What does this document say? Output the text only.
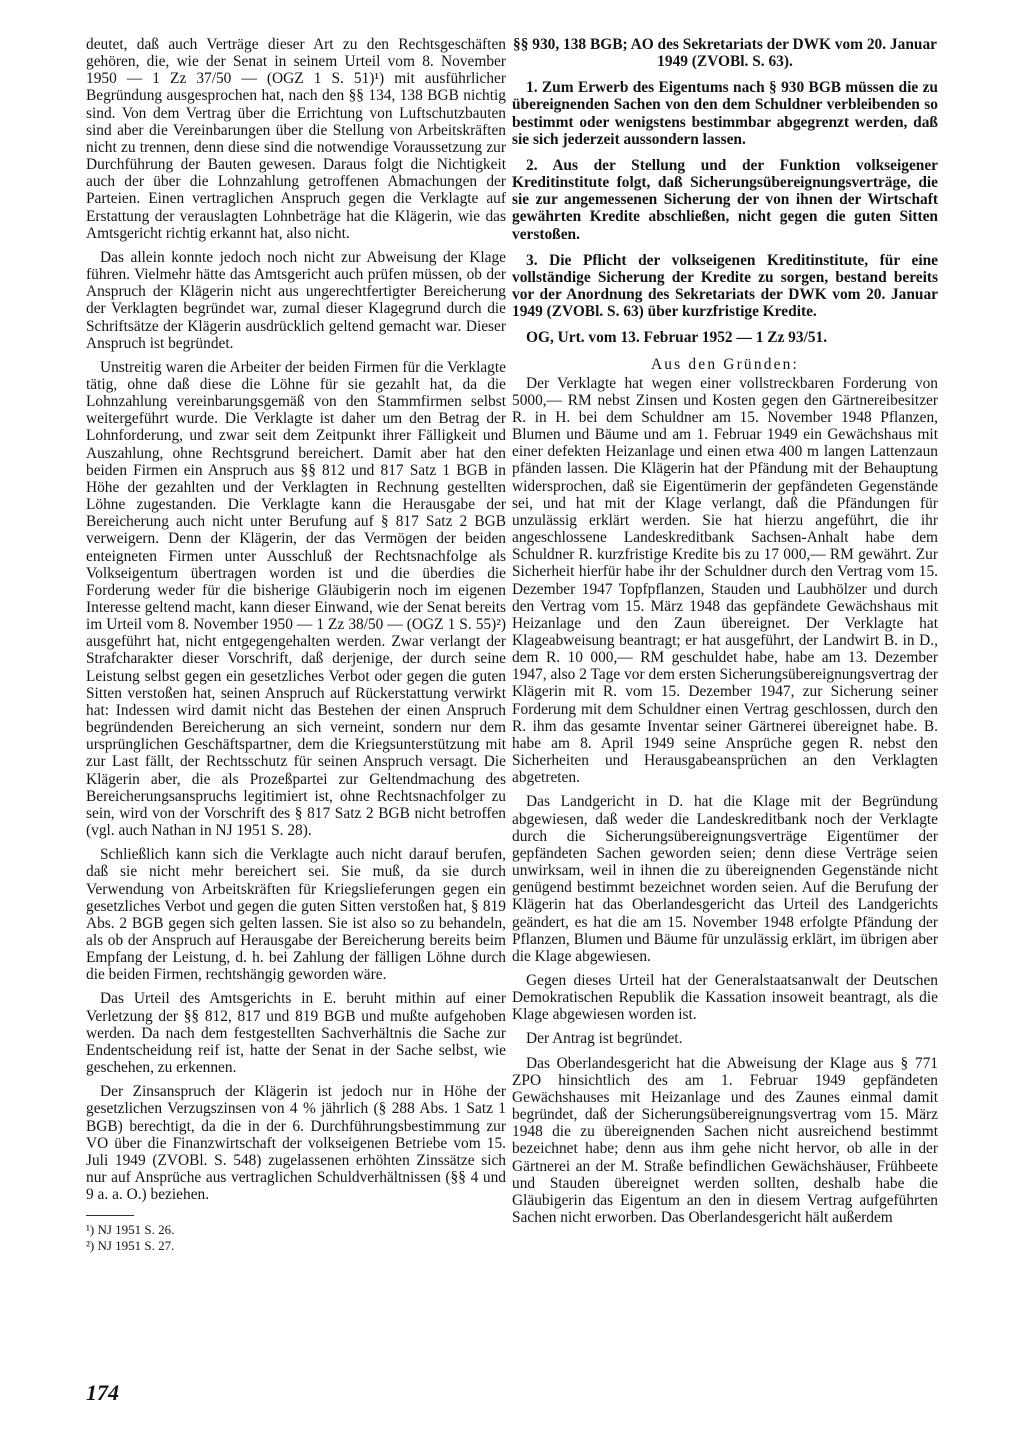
deutet, daß auch Verträge dieser Art zu den Rechtsgeschäften gehören, die, wie der Senat in seinem Urteil vom 8. November 1950 — 1 Zz 37/50 — (OGZ 1 S. 51)¹) mit ausführlicher Begründung ausgesprochen hat, nach den §§ 134, 138 BGB nichtig sind. Von dem Vertrag über die Errichtung von Luftschutzbauten sind aber die Vereinbarungen über die Stellung von Arbeitskräften nicht zu trennen, denn diese sind die notwendige Voraussetzung zur Durchführung der Bauten gewesen. Daraus folgt die Nichtigkeit auch der über die Lohnzahlung getroffenen Abmachungen der Parteien. Einen vertraglichen Anspruch gegen die Verklagte auf Erstattung der verauslagten Lohnbeträge hat die Klägerin, wie das Amtsgericht richtig erkannt hat, also nicht.

Das allein konnte jedoch noch nicht zur Abweisung der Klage führen. Vielmehr hätte das Amtsgericht auch prüfen müssen, ob der Anspruch der Klägerin nicht aus ungerechtfertigter Bereicherung der Verklagten begründet war, zumal dieser Klagegrund durch die Schriftsätze der Klägerin ausdrücklich geltend gemacht war. Dieser Anspruch ist begründet.

Unstreitig waren die Arbeiter der beiden Firmen für die Verklagte tätig, ohne daß diese die Löhne für sie gezahlt hat, da die Lohnzahlung vereinbarungsgemäß von den Stammfirmen selbst weitergeführt wurde. Die Verklagte ist daher um den Betrag der Lohnforderung, und zwar seit dem Zeitpunkt ihrer Fälligkeit und Auszahlung, ohne Rechtsgrund bereichert. Damit aber hat den beiden Firmen ein Anspruch aus §§ 812 und 817 Satz 1 BGB in Höhe der gezahlten und der Verklagten in Rechnung gestellten Löhne zugestanden. Die Verklagte kann die Herausgabe der Bereicherung auch nicht unter Berufung auf § 817 Satz 2 BGB verweigern. Denn der Klägerin, der das Vermögen der beiden enteigneten Firmen unter Ausschluß der Rechtsnachfolge als Volkseigentum übertragen worden ist und die überdies die Forderung weder für die bisherige Gläubigerin noch im eigenen Interesse geltend macht, kann dieser Einwand, wie der Senat bereits im Urteil vom 8. November 1950 — 1 Zz 38/50 — (OGZ 1 S. 55)²) ausgeführt hat, nicht entgegengehalten werden. Zwar verlangt der Strafcharakter dieser Vorschrift, daß derjenige, der durch seine Leistung selbst gegen ein gesetzliches Verbot oder gegen die guten Sitten verstoßen hat, seinen Anspruch auf Rückerstattung verwirkt hat: Indessen wird damit nicht das Bestehen der einen Anspruch begründenden Bereicherung an sich verneint, sondern nur dem ursprünglichen Geschäftspartner, dem die Kriegsunterstützung mit zur Last fällt, der Rechtsschutz für seinen Anspruch versagt. Die Klägerin aber, die als Prozeßpartei zur Geltendmachung des Bereicherungsanspruchs legitimiert ist, ohne Rechtsnachfolger zu sein, wird von der Vorschrift des § 817 Satz 2 BGB nicht betroffen (vgl. auch Nathan in NJ 1951 S. 28).

Schließlich kann sich die Verklagte auch nicht darauf berufen, daß sie nicht mehr bereichert sei. Sie muß, da sie durch Verwendung von Arbeitskräften für Kriegslieferungen gegen ein gesetzliches Verbot und gegen die guten Sitten verstoßen hat, § 819 Abs. 2 BGB gegen sich gelten lassen. Sie ist also so zu behandeln, als ob der Anspruch auf Herausgabe der Bereicherung bereits beim Empfang der Leistung, d. h. bei Zahlung der fälligen Löhne durch die beiden Firmen, rechtshängig geworden wäre.

Das Urteil des Amtsgerichts in E. beruht mithin auf einer Verletzung der §§ 812, 817 und 819 BGB und mußte aufgehoben werden. Da nach dem festgestellten Sachverhältnis die Sache zur Endentscheidung reif ist, hatte der Senat in der Sache selbst, wie geschehen, zu erkennen.

Der Zinsanspruch der Klägerin ist jedoch nur in Höhe der gesetzlichen Verzugszinsen von 4 % jährlich (§ 288 Abs. 1 Satz 1 BGB) berechtigt, da die in der 6. Durchführungsbestimmung zur VO über die Finanzwirtschaft der volkseigenen Betriebe vom 15. Juli 1949 (ZVOBl. S. 548) zugelassenen erhöhten Zinssätze sich nur auf Ansprüche aus vertraglichen Schuldverhältnissen (§§ 4 und 9 a. a. O.) beziehen.

¹) NJ 1951 S. 26.

²) NJ 1951 S. 27.

§§ 930, 138 BGB; AO des Sekretariats der DWK vom 20. Januar 1949 (ZVOBl. S. 63).

1. Zum Erwerb des Eigentums nach § 930 BGB müssen die zu übereignenden Sachen von den dem Schuldner verbleibenden so bestimmt oder wenigstens bestimmbar abgegrenzt werden, daß sie sich jederzeit aussondern lassen.

2. Aus der Stellung und der Funktion volkseigener Kreditinstitute folgt, daß Sicherungsübereignungsverträge, die sie zur angemessenen Sicherung der von ihnen der Wirtschaft gewährten Kredite abschließen, nicht gegen die guten Sitten verstoßen.

3. Die Pflicht der volkseigenen Kreditinstitute, für eine vollständige Sicherung der Kredite zu sorgen, bestand bereits vor der Anordnung des Sekretariats der DWK vom 20. Januar 1949 (ZVOBl. S. 63) über kurzfristige Kredite.

OG, Urt. vom 13. Februar 1952 — 1 Zz 93/51.

Aus den Gründen:

Der Verklagte hat wegen einer vollstreckbaren Forderung von 5000,— RM nebst Zinsen und Kosten gegen den Gärtnereibesitzer R. in H. bei dem Schuldner am 15. November 1948 Pflanzen, Blumen und Bäume und am 1. Februar 1949 ein Gewächshaus mit einer defekten Heizanlage und einen etwa 400 m langen Lattenzaun pfänden lassen. Die Klägerin hat der Pfändung mit der Behauptung widersprochen, daß sie Eigentümerin der gepfändeten Gegenstände sei, und hat mit der Klage verlangt, daß die Pfändungen für unzulässig erklärt werden. Sie hat hierzu angeführt, die ihr angeschlossene Landeskreditbank Sachsen-Anhalt habe dem Schuldner R. kurzfristige Kredite bis zu 17 000,— RM gewährt. Zur Sicherheit hierfür habe ihr der Schuldner durch den Vertrag vom 15. Dezember 1947 Topfpflanzen, Stauden und Laubhölzer und durch den Vertrag vom 15. März 1948 das gepfändete Gewächshaus mit Heizanlage und den Zaun übereignet. Der Verklagte hat Klageabweisung beantragt; er hat ausgeführt, der Landwirt B. in D., dem R. 10 000,— RM geschuldet habe, habe am 13. Dezember 1947, also 2 Tage vor dem ersten Sicherungsübereignungsvertrag der Klägerin mit R. vom 15. Dezember 1947, zur Sicherung seiner Forderung mit dem Schuldner einen Vertrag geschlossen, durch den R. ihm das gesamte Inventar seiner Gärtnerei übereignet habe. B. habe am 8. April 1949 seine Ansprüche gegen R. nebst den Sicherheiten und Herausgabeansprüchen an den Verklagten abgetreten.

Das Landgericht in D. hat die Klage mit der Begründung abgewiesen, daß weder die Landeskreditbank noch der Verklagte durch die Sicherungsübereignungsverträge Eigentümer der gepfändeten Sachen geworden seien; denn diese Verträge seien unwirksam, weil in ihnen die zu übereignenden Gegenstände nicht genügend bestimmt bezeichnet worden seien. Auf die Berufung der Klägerin hat das Oberlandesgericht das Urteil des Landgerichts geändert, es hat die am 15. November 1948 erfolgte Pfändung der Pflanzen, Blumen und Bäume für unzulässig erklärt, im übrigen aber die Klage abgewiesen.

Gegen dieses Urteil hat der Generalstaatsanwalt der Deutschen Demokratischen Republik die Kassation insoweit beantragt, als die Klage abgewiesen worden ist.

Der Antrag ist begründet.

Das Oberlandesgericht hat die Abweisung der Klage aus § 771 ZPO hinsichtlich des am 1. Februar 1949 gepfändeten Gewächshauses mit Heizanlage und des Zaunes einmal damit begründet, daß der Sicherungsübereignungsvertrag vom 15. März 1948 die zu übereignenden Sachen nicht ausreichend bestimmt bezeichnet habe; denn aus ihm gehe nicht hervor, ob alle in der Gärtnerei an der M. Straße befindlichen Gewächshäuser, Frühbeete und Stauden übereignet werden sollten, deshalb habe die Gläubigerin das Eigentum an den in diesem Vertrag aufgeführten Sachen nicht erworben. Das Oberlandesgericht hält außerdem

174
